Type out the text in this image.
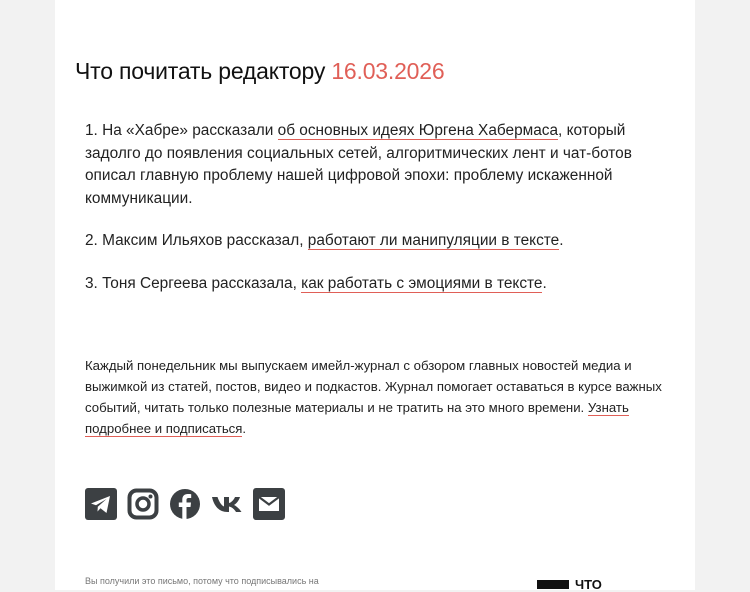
Что почитать редактору 16.03.2026

1. На «Хабре» рассказали об основных идеях Юргена Хабермаса, который задолго до появления социальных сетей, алгоритмических лент и чат-ботов описал главную проблему нашей цифровой эпохи: проблему искаженной коммуникации.

2. Максим Ильяхов рассказал, работают ли манипуляции в тексте.

3. Тоня Сергеева рассказала, как работать с эмоциями в тексте.

Каждый понедельник мы выпускаем имейл-журнал с обзором главных новостей медиа и выжимкой из статей, постов, видео и подкастов. Журнал помогает оставаться в курсе важных событий, читать только полезные материалы и не тратить на это много времени. Узнать подробнее и подписаться.

Вы получили это письмо, потому что подписывались на	ЧТО
